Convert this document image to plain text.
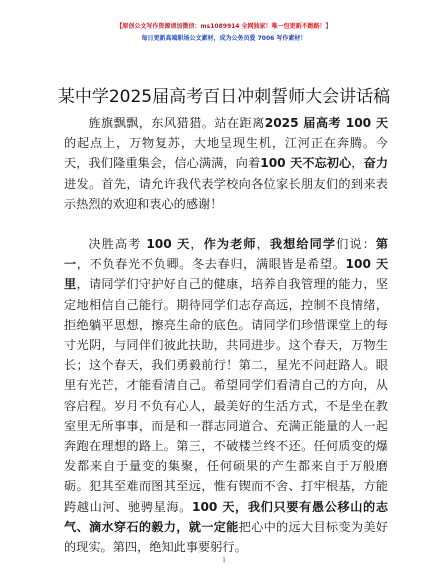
【原创公文写作资源请加微信：ms1089914 全网独家！唯一包更新不跑路！】
每日更新高端职场公文素材，成为公务员爱 7006 写作素材！
某中学2025届高考百日冲刺誓师大会讲话稿

旌旗飘飘，东风猎猎。站在距离2025 届高考 100 天的起点上，万物复苏，大地呈现生机，江河正在奔腾。今天，我们隆重集会，信心满满，向着100 天不忘初心，奋力进发。首先，请允许我代表学校向各位家长朋友们的到来表示热烈的欢迎和衷心的感谢！

决胜高考 100 天，作为老师，我想给同学们说：第一，不负春光不负卿。冬去春归，满眼皆是希望。100 天里，请同学们守护好自己的健康，培养自我管理的能力，坚定地相信自己能行。期待同学们志存高远，控制不良情绪，拒绝躺平思想，擦亮生命的底色。请同学们珍惜课堂上的每寸光阴，与同伴们彼此扶助，共同进步。这个春天，万物生长；这个春天，我们勇毅前行！第二，星光不问赶路人。眼里有光芒，才能看清自己。希望同学们看清自己的方向，从容启程。岁月不负有心人，最美好的生活方式，不是坐在教室里无所事事，而是和一群志同道合、充满正能量的人一起奔跑在理想的路上。第三，不破楼兰终不还。任何质变的爆发都来自于量变的集聚，任何硕果的产生都来自于万般磨砺。犯其至难而图其至远，惟有锲而不舍、打牢根基，方能跨越山河、驰骋星海。100 天，我们只要有愚公移山的志气、滴水穿石的毅力，就一定能把心中的远大目标变为美好的现实。第四，绝知此事要躬行。

1
